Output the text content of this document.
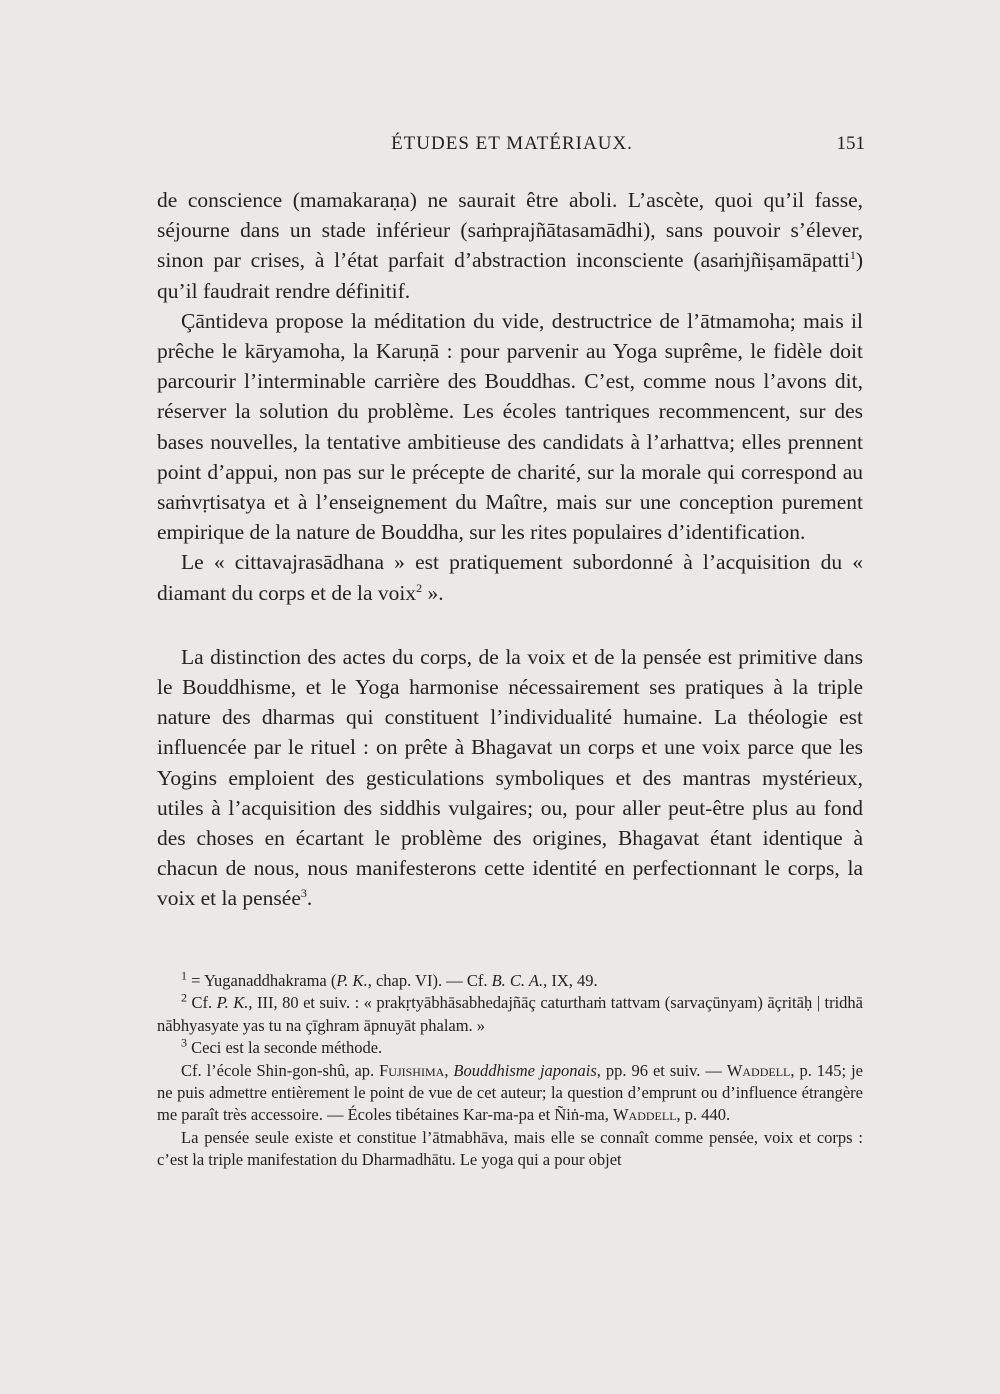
ÉTUDES ET MATÉRIAUX.	151

de conscience (mamakaraṇa) ne saurait être aboli. L’ascète, quoi qu’il fasse, séjourne dans un stade inférieur (saṁprajñātasamādhi), sans pouvoir s’élever, sinon par crises, à l’état parfait d’abstraction inconsciente (asaṁjñiṣamāpatti$^1$) qu’il faudrait rendre définitif.

Çāntideva propose la méditation du vide, destructrice de l’ātmamoha; mais il prêche le kāryamoha, la Karuṇā : pour parvenir au Yoga suprême, le fidèle doit parcourir l’interminable carrière des Bouddhas. C’est, comme nous l’avons dit, réserver la solution du problème. Les écoles tantriques recommencent, sur des bases nouvelles, la tentative ambitieuse des candidats à l’arhattva; elles prennent point d’appui, non pas sur le précepte de charité, sur la morale qui correspond au saṁvṛtisatya et à l’enseignement du Maître, mais sur une conception purement empirique de la nature de Bouddha, sur les rites populaires d’identification.

Le « cittavajrasādhana » est pratiquement subordonné à l’acquisition du « diamant du corps et de la voix$^2$ ».

La distinction des actes du corps, de la voix et de la pensée est primitive dans le Bouddhisme, et le Yoga harmonise nécessairement ses pratiques à la triple nature des dharmas qui constituent l’individualité humaine. La théologie est influencée par le rituel : on prête à Bhagavat un corps et une voix parce que les Yogins emploient des gesticulations symboliques et des mantras mystérieux, utiles à l’acquisition des siddhis vulgaires; ou, pour aller peut-être plus au fond des choses en écartant le problème des origines, Bhagavat étant identique à chacun de nous, nous manifesterons cette identité en perfectionnant le corps, la voix et la pensée$^3$.

$^1$ = Yuganaddhakrama (P. K., chap. VI). — Cf. B. C. A., IX, 49.

$^2$ Cf. P. K., III, 80 et suiv. : « prakṛtyābhāsabhedajñāç caturthaṁ tattvam (sarvaçūnyam) āçritāḥ | tridhā nābhyasyate yas tu na çīghram āpnuyāt phalam. »

$^3$ Ceci est la seconde méthode.

Cf. l’école Shin-gon-shû, ap. Fujishima, Bouddhisme japonais, pp. 96 et suiv. — Waddell, p. 145; je ne puis admettre entièrement le point de vue de cet auteur; la question d’emprunt ou d’influence étrangère me paraît très accessoire. — Écoles tibétaines Kar-ma-pa et Ñiṅ-ma, Waddell, p. 440.

La pensée seule existe et constitue l’ātmabhāva, mais elle se connaît comme pensée, voix et corps : c’est la triple manifestation du Dharmadhātu. Le yoga qui a pour objet
